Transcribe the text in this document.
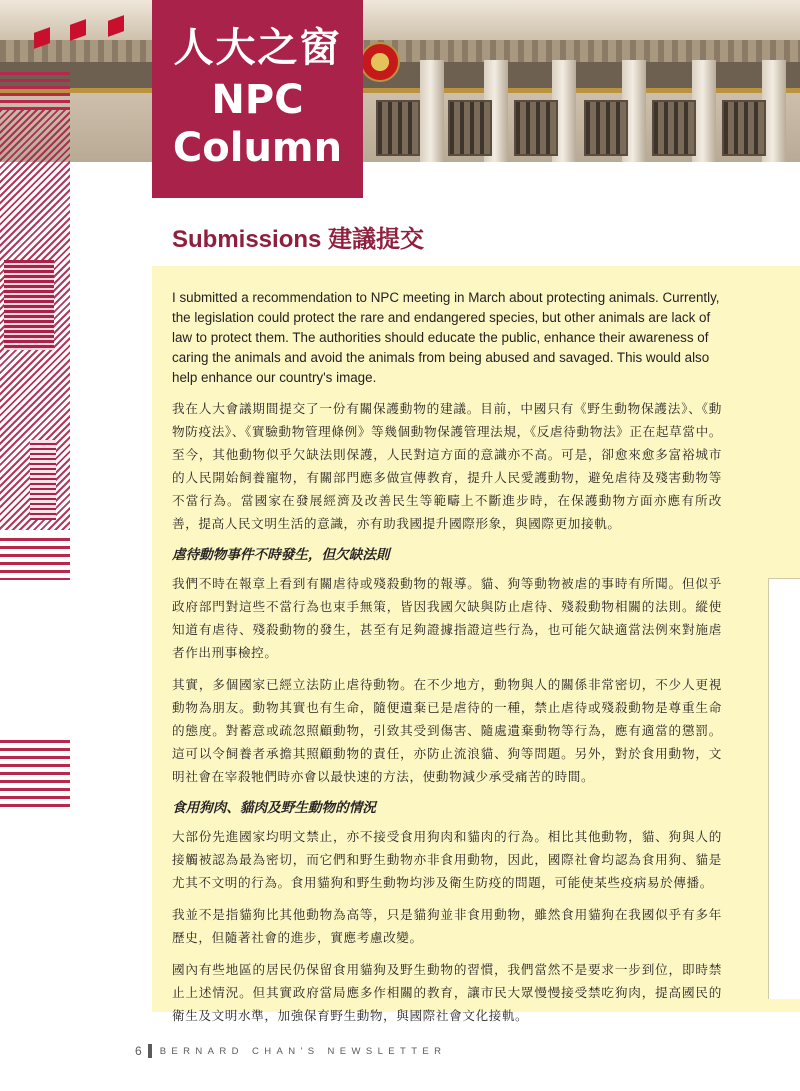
人大之窗
NPC
Column
Submissions 建議提交

I submitted a recommendation to NPC meeting in March about protecting animals. Currently, the legislation could protect the rare and endangered species, but other animals are lack of law to protect them. The authorities should educate the public, enhance their awareness of caring the animals and avoid the animals from being abused and savaged. This would also help enhance our country's image.

我在人大會議期間提交了一份有關保護動物的建議。目前，中國只有《野生動物保護法》、《動物防疫法》、《實驗動物管理條例》等幾個動物保護管理法規，《反虐待動物法》正在起草當中。至今，其他動物似乎欠缺法則保護，人民對這方面的意識亦不高。可是，卻愈來愈多富裕城市的人民開始飼養寵物，有關部門應多做宣傳教育，提升人民愛護動物，避免虐待及殘害動物等不當行為。當國家在發展經濟及改善民生等範疇上不斷進步時，在保護動物方面亦應有所改善，提高人民文明生活的意識，亦有助我國提升國際形象，與國際更加接軌。

虐待動物事件不時發生，但欠缺法則

我們不時在報章上看到有關虐待或殘殺動物的報導。貓、狗等動物被虐的事時有所聞。但似乎政府部門對這些不當行為也束手無策，皆因我國欠缺與防止虐待、殘殺動物相關的法則。縱使知道有虐待、殘殺動物的發生，甚至有足夠證據指證這些行為，也可能欠缺適當法例來對施虐者作出刑事檢控。

其實，多個國家已經立法防止虐待動物。在不少地方，動物與人的關係非常密切，不少人更視動物為朋友。動物其實也有生命，隨便遺棄已是虐待的一種，禁止虐待或殘殺動物是尊重生命的態度。對蓄意或疏忽照顧動物，引致其受到傷害、隨處遺棄動物等行為，應有適當的懲罰。這可以令飼養者承擔其照顧動物的責任，亦防止流浪貓、狗等問題。另外，對於食用動物，文明社會在宰殺牠們時亦會以最快速的方法，使動物減少承受痛苦的時間。

食用狗肉、貓肉及野生動物的情況

大部份先進國家均明文禁止，亦不接受食用狗肉和貓肉的行為。相比其他動物，貓、狗與人的接觸被認為最為密切，而它們和野生動物亦非食用動物，因此，國際社會均認為食用狗、貓是尤其不文明的行為。食用貓狗和野生動物均涉及衛生防疫的問題，可能使某些疫病易於傳播。

我並不是指貓狗比其他動物為高等，只是貓狗並非食用動物，雖然食用貓狗在我國似乎有多年歷史，但隨著社會的進步，實應考慮改變。

國內有些地區的居民仍保留食用貓狗及野生動物的習慣，我們當然不是要求一步到位，即時禁止上述情況。但其實政府當局應多作相關的教育，讓市民大眾慢慢接受禁吃狗肉，提高國民的衛生及文明水準，加強保育野生動物，與國際社會文化接軌。

6 BERNARD CHAN'S NEWSLETTER
